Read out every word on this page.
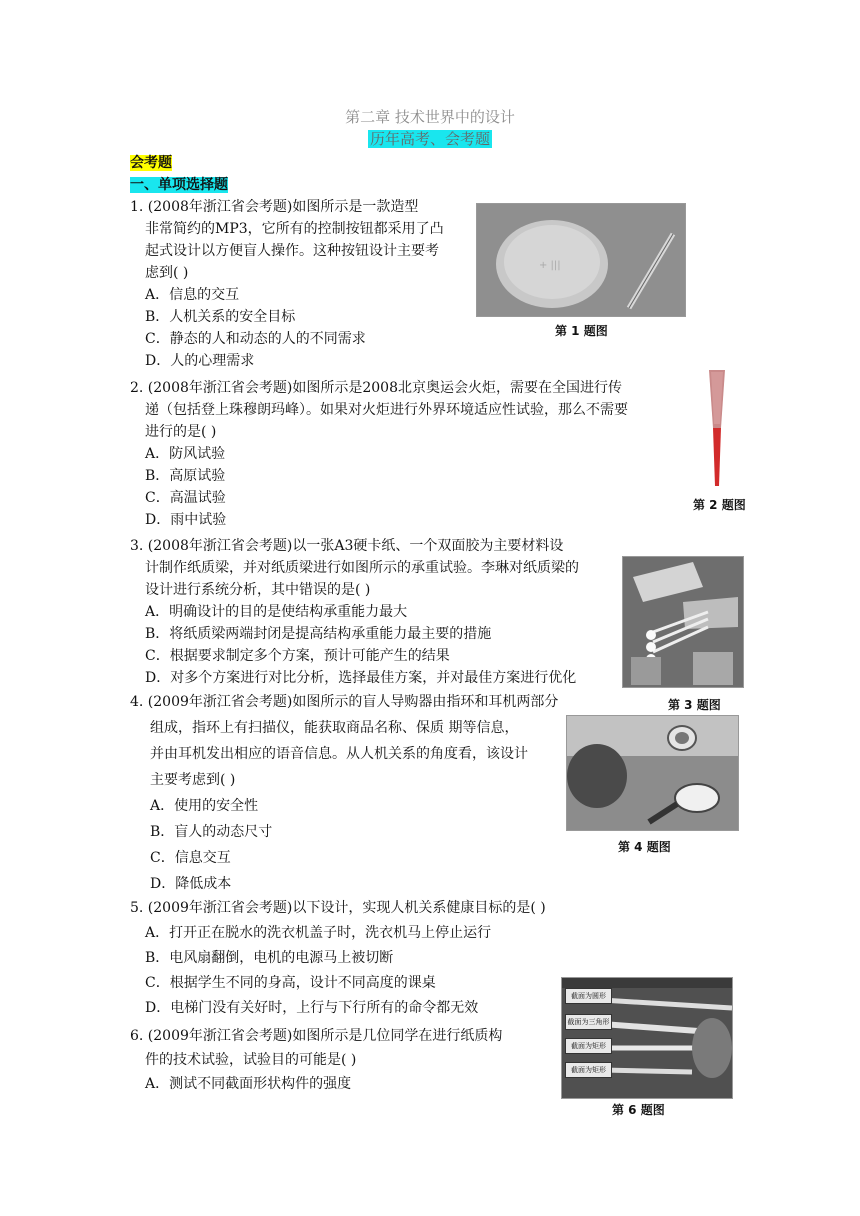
第二章 技术世界中的设计
历年高考、会考题
会考题
一、单项选择题
1. (2008年浙江省会考题)如图所示是一款造型
非常简约的MP3，它所有的控制按钮都采用了凸
起式设计以方便盲人操作。这种按钮设计主要考
虑到( )
A．信息的交互
B．人机关系的安全目标
C．静态的人和动态的人的不同需求
D．人的心理需求
+ |||
第 1 题图
2. (2008年浙江省会考题)如图所示是2008北京奥运会火炬，需要在全国进行传
递（包括登上珠穆朗玛峰）。如果对火炬进行外界环境适应性试验，那么不需要
进行的是( )
A．防风试验
B．高原试验
C．高温试验
D．雨中试验
第 2 题图
3. (2008年浙江省会考题)以一张A3硬卡纸、一个双面胶为主要材料设
计制作纸质梁，并对纸质梁进行如图所示的承重试验。李琳对纸质梁的
设计进行系统分析，其中错误的是( )
A．明确设计的目的是使结构承重能力最大
B．将纸质梁两端封闭是提高结构承重能力最主要的措施
C．根据要求制定多个方案，预计可能产生的结果
D．对多个方案进行对比分析，选择最佳方案，并对最佳方案进行优化
第 3 题图
4. (2009年浙江省会考题)如图所示的盲人导购器由指环和耳机两部分
组成，指环上有扫描仪，能获取商品名称、保质 期等信息，
并由耳机发出相应的语音信息。从人机关系的角度看，该设计
主要考虑到( )
A．使用的安全性
B．盲人的动态尺寸
C．信息交互
D．降低成本
第 4 题图
5. (2009年浙江省会考题)以下设计，实现人机关系健康目标的是( )
A．打开正在脱水的洗衣机盖子时，洗衣机马上停止运行
B．电风扇翻倒，电机的电源马上被切断
C．根据学生不同的身高，设计不同高度的课桌
D．电梯门没有关好时，上行与下行所有的命令都无效
6. (2009年浙江省会考题)如图所示是几位同学在进行纸质构
件的技术试验，试验目的可能是( )
A．测试不同截面形状构件的强度
截面为圆形
截面为三角形
截面为矩形
截面为矩形
第 6 题图
